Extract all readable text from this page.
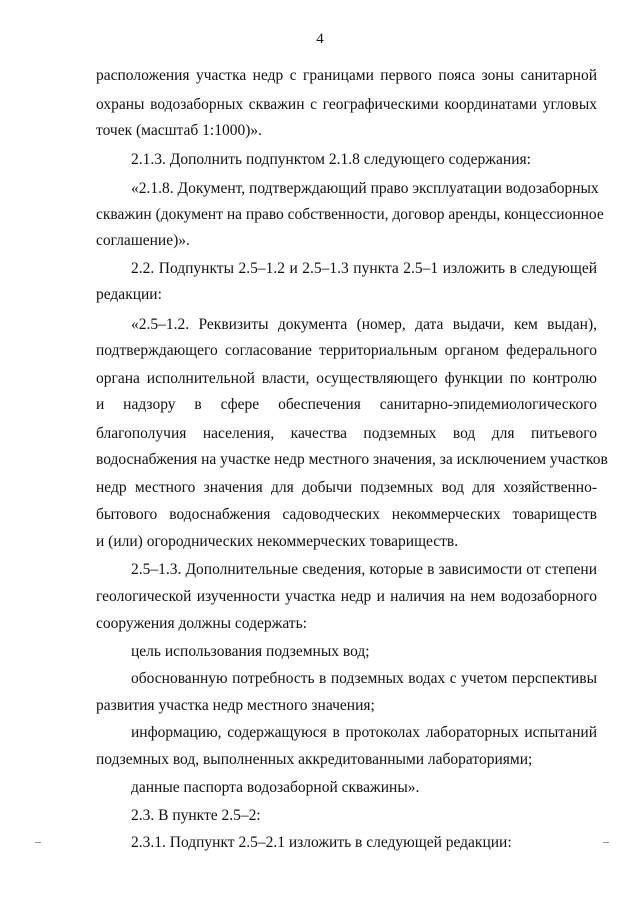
4
расположения участка недр с границами первого пояса зоны санитарной
охраны водозаборных скважин с географическими координатами угловых
точек (масштаб 1:1000)».
2.1.3. Дополнить подпунктом 2.1.8 следующего содержания:
«2.1.8. Документ, подтверждающий право эксплуатации водозаборных
скважин (документ на право собственности, договор аренды, концессионное
соглашение)».
2.2. Подпункты 2.5–1.2 и 2.5–1.3 пункта 2.5–1 изложить в следующей
редакции:
«2.5–1.2. Реквизиты документа (номер, дата выдачи, кем выдан),
подтверждающего согласование территориальным органом федерального
органа исполнительной власти, осуществляющего функции по контролю
и надзору в сфере обеспечения санитарно-эпидемиологического
благополучия населения, качества подземных вод для питьевого
водоснабжения на участке недр местного значения, за исключением участков
недр местного значения для добычи подземных вод для хозяйственно-
бытового водоснабжения садоводческих некоммерческих товариществ
и (или) огороднических некоммерческих товариществ.
2.5–1.3. Дополнительные сведения, которые в зависимости от степени
геологической изученности участка недр и наличия на нем водозаборного
сооружения должны содержать:
цель использования подземных вод;
обоснованную потребность в подземных водах с учетом перспективы
развития участка недр местного значения;
информацию, содержащуюся в протоколах лабораторных испытаний
подземных вод, выполненных аккредитованными лабораториями;
данные паспорта водозаборной скважины».
2.3. В пункте 2.5–2:
2.3.1. Подпункт 2.5–2.1 изложить в следующей редакции:
